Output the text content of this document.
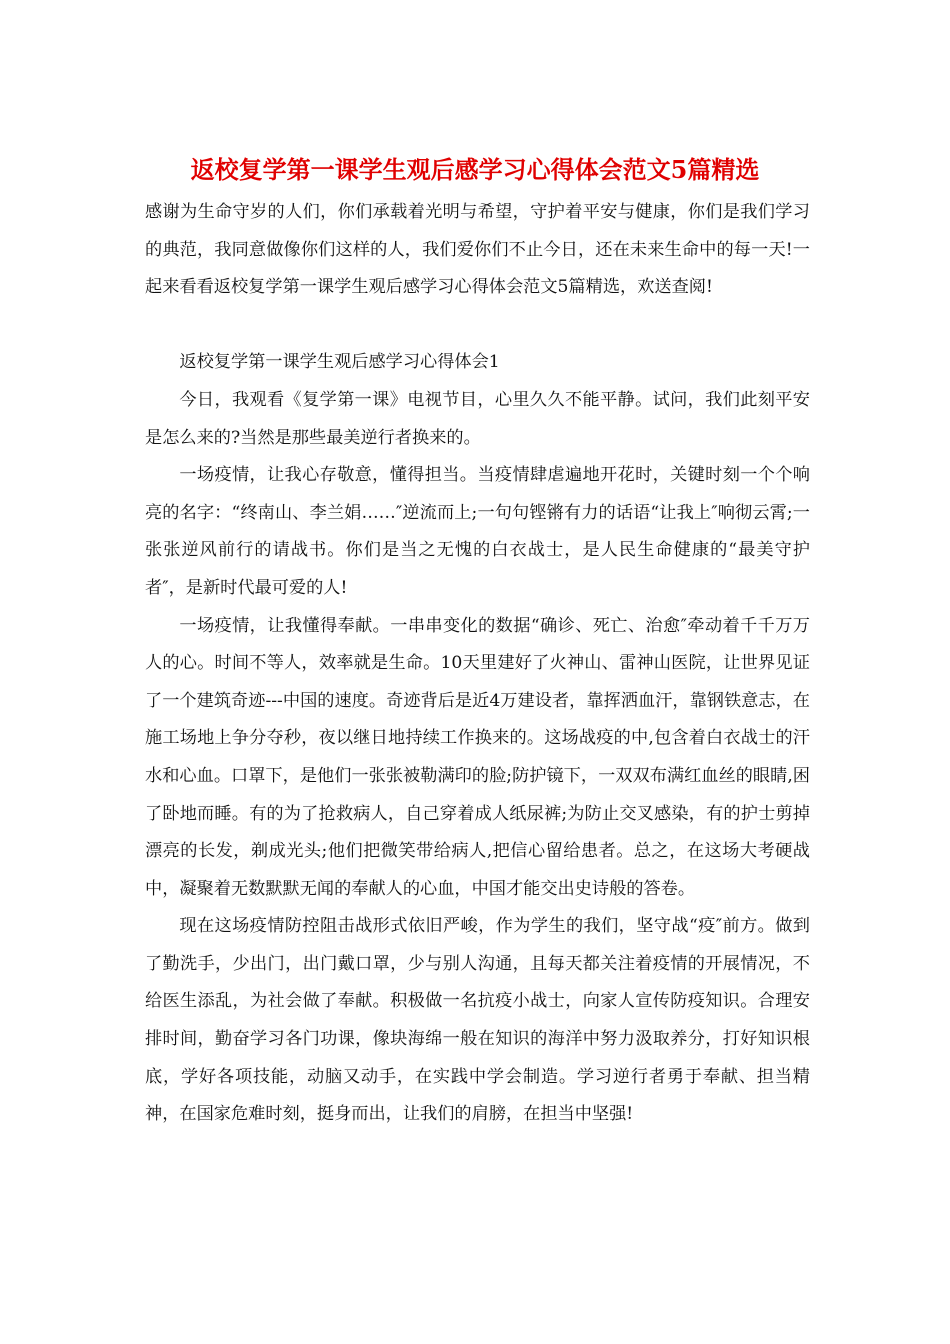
返校复学第一课学生观后感学习心得体会范文5篇精选

感谢为生命守岁的人们，你们承载着光明与希望，守护着平安与健康，你们是我们学习的典范，我同意做像你们这样的人，我们爱你们不止今日，还在未来生命中的每一天!一起来看看返校复学第一课学生观后感学习心得体会范文5篇精选，欢送查阅!

返校复学第一课学生观后感学习心得体会1

今日，我观看《复学第一课》电视节目，心里久久不能平静。试问，我们此刻平安是怎么来的?当然是那些最美逆行者换来的。

一场疫情，让我心存敬意，懂得担当。当疫情肆虐遍地开花时，关键时刻一个个响亮的名字：“终南山、李兰娟……″逆流而上;一句句铿锵有力的话语“让我上″响彻云霄;一张张逆风前行的请战书。你们是当之无愧的白衣战士，是人民生命健康的“最美守护者″，是新时代最可爱的人!

一场疫情，让我懂得奉献。一串串变化的数据“确诊、死亡、治愈″牵动着千千万万人的心。时间不等人，效率就是生命。10天里建好了火神山、雷神山医院，让世界见证了一个建筑奇迹---中国的速度。奇迹背后是近4万建设者，靠挥洒血汗，靠钢铁意志，在施工场地上争分夺秒，夜以继日地持续工作换来的。这场战疫的中,包含着白衣战士的汗水和心血。口罩下，是他们一张张被勒满印的脸;防护镜下，一双双布满红血丝的眼睛,困了卧地而睡。有的为了抢救病人，自己穿着成人纸尿裤;为防止交叉感染，有的护士剪掉漂亮的长发，剃成光头;他们把微笑带给病人,把信心留给患者。总之，在这场大考硬战中，凝聚着无数默默无闻的奉献人的心血，中国才能交出史诗般的答卷。

现在这场疫情防控阻击战形式依旧严峻，作为学生的我们，坚守战“疫″前方。做到了勤洗手，少出门，出门戴口罩，少与别人沟通，且每天都关注着疫情的开展情况，不给医生添乱，为社会做了奉献。积极做一名抗疫小战士，向家人宣传防疫知识。合理安排时间，勤奋学习各门功课，像块海绵一般在知识的海洋中努力汲取养分，打好知识根底，学好各项技能，动脑又动手，在实践中学会制造。学习逆行者勇于奉献、担当精神，在国家危难时刻，挺身而出，让我们的肩膀，在担当中坚强!
